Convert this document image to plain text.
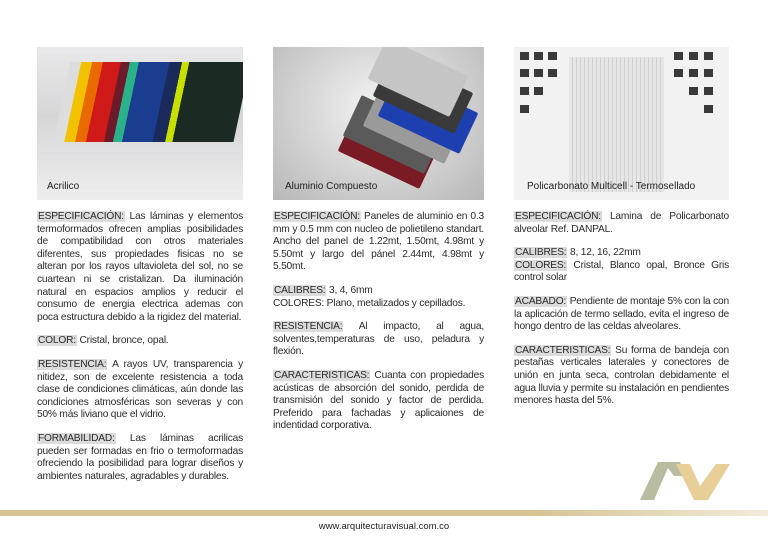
Acrilico

ESPECIFICACIÓN: Las láminas y elementos termoformados ofrecen amplias posibilidades de compatibilidad con otros materiales diferentes, sus propiedades fisicas no se alteran por los rayos ultavioleta del sol, no se cuartean ni se cristalizan. Da iluminación natural en espacios amplios y reducir el consumo de energia electrica ademas con poca estructura debido a la rigidez del material.

COLOR: Cristal, bronce, opal.

RESISTENCIA: A rayos UV, transparencia y nitidez, son de excelente resistencia a toda clase de condiciones climáticas, aún donde las condiciones atmosféricas son severas y con 50% más liviano que el vidrio.

FORMABILIDAD: Las láminas acrilicas pueden ser formadas en frio o termoformadas ofreciendo la posibilidad para lograr diseños y ambientes naturales, agradables y durables.

Aluminio Compuesto

ESPECIFICACIÓN: Paneles de aluminio en 0.3 mm y 0.5 mm con nucleo de polietileno standart. Ancho del panel de 1.22mt, 1.50mt, 4.98mt y 5.50mt y largo del pánel 2.44mt, 4.98mt y 5.50mt.

CALIBRES: 3, 4, 6mm
COLORES: Plano, metalizados y cepillados.

RESISTENCIA: Al impacto, al agua, solventes,temperaturas de uso, peladura y flexión.

CARACTERISTICAS: Cuanta con propiedades acústicas de absorción del sonido, perdida de transmisión del sonido y factor de perdida. Preferido para fachadas y aplicaiones de indentidad corporativa.

Policarbonato Multicell - Termosellado

ESPECIFICACIÓN: Lamina de Policarbonato alveolar Ref. DANPAL.

CALIBRES: 8, 12, 16, 22mm
COLORES: Cristal, Blanco opal, Bronce Gris control solar

ACABADO: Pendiente de montaje 5% con la con la aplicación de termo sellado, evita el ingreso de hongo dentro de las celdas alveolares.

CARACTERISTICAS: Su forma de bandeja con pestañas verticales laterales y conectores de unión en junta seca, controlan debidamente el agua lluvia y permite su instalación en pendientes menores hasta del 5%.

www.arquitecturavisual.com.co
